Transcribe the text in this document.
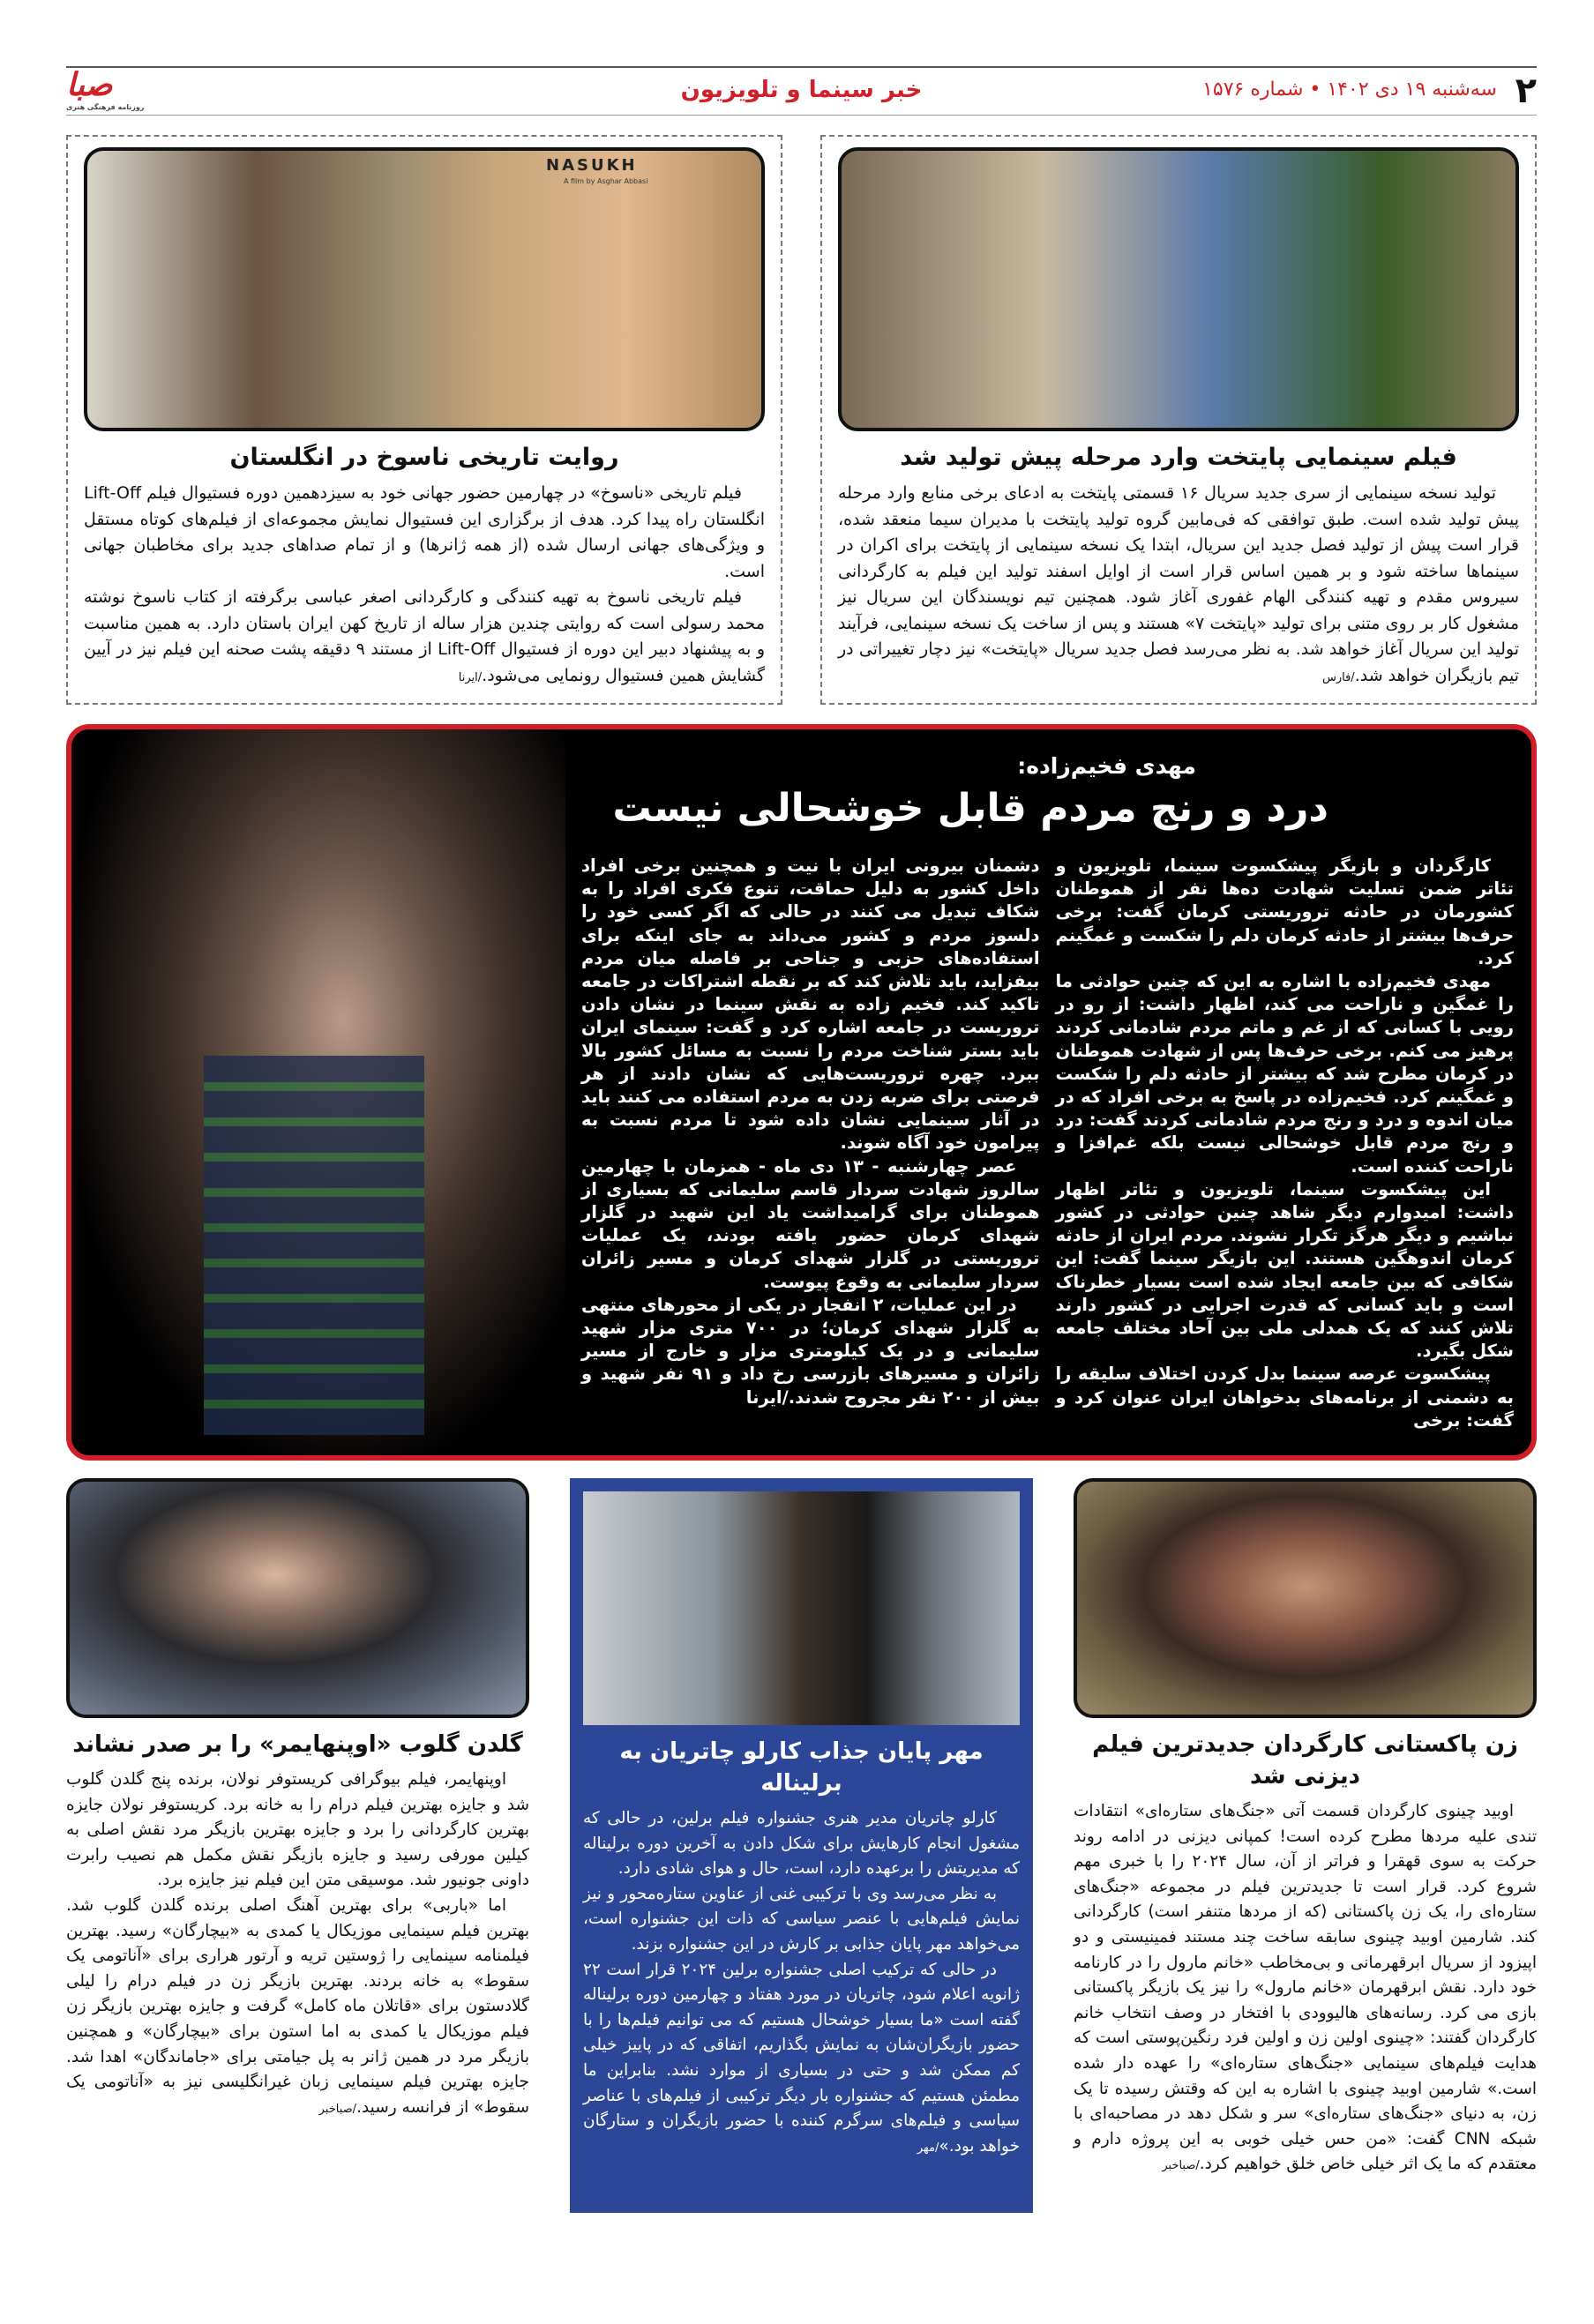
۲
سه‌شنبه ۱۹ دی ۱۴۰۲ • شماره ۱۵۷۶
خبر سینما و تلویزیون
صبا
روزنامه فرهنگی هنری
NASUKH
A film by Asghar Abbasi
روایت تاریخی ناسوخ در انگلستان

فیلم تاریخی «ناسوخ» در چهارمین حضور جهانی خود به سیزدهمین دوره فستیوال فیلم Lift-Off انگلستان راه پیدا کرد. هدف از برگزاری این فستیوال نمایش مجموعه‌ای از فیلم‌های کوتاه مستقل و ویژگی‌های جهانی ارسال شده (از همه ژانرها) و از تمام صداهای جدید برای مخاطبان جهانی است.

فیلم تاریخی ناسوخ به تهیه کنندگی و کارگردانی اصغر عباسی برگرفته از کتاب ناسوخ نوشته محمد رسولی است که روایتی چندین هزار ساله از تاریخ کهن ایران باستان دارد. به همین مناسبت و به پیشنهاد دبیر این دوره از فستیوال Lift-Off از مستند ۹ دقیقه پشت صحنه این فیلم نیز در آیین گشایش همین فستیوال رونمایی می‌شود./ایرنا

فیلم سینمایی پایتخت وارد مرحله پیش تولید شد

تولید نسخه سینمایی از سری جدید سریال ۱۶ قسمتی پایتخت به ادعای برخی منابع وارد مرحله پیش تولید شده است. طبق توافقی که فی‌مابین گروه تولید پایتخت با مدیران سیما منعقد شده، قرار است پیش از تولید فصل جدید این سریال، ابتدا یک نسخه سینمایی از پایتخت برای اکران در سینماها ساخته شود و بر همین اساس قرار است از اوایل اسفند تولید این فیلم به کارگردانی سیروس مقدم و تهیه کنندگی الهام غفوری آغاز شود. همچنین تیم نویسندگان این سریال نیز مشغول کار بر روی متنی برای تولید «پایتخت ۷» هستند و پس از ساخت یک نسخه سینمایی، فرآیند تولید این سریال آغاز خواهد شد. به نظر می‌رسد فصل جدید سریال «پایتخت» نیز دچار تغییراتی در تیم بازیگران خواهد شد./فارس

مهدی فخیم‌زاده:
درد و رنج مردم قابل خوشحالی نیست

کارگردان و بازیگر پیشکسوت سینما، تلویزیون و تئاتر ضمن تسلیت شهادت ده‌ها نفر از هموطنان کشورمان در حادثه تروریستی کرمان گفت: برخی حرف‌ها بیشتر از حادثه کرمان دلم را شکست و غمگینم کرد.

مهدی فخیم‌زاده با اشاره به این که چنین حوادثی ما را غمگین و ناراحت می کند، اظهار داشت: از رو در رویی با کسانی که از غم و ماتم مردم شادمانی کردند پرهیز می کنم. برخی حرف‌ها پس از شهادت هموطنان در کرمان مطرح شد که بیشتر از حادثه دلم را شکست و غمگینم کرد. فخیم‌زاده در پاسخ به برخی افراد که در میان اندوه و درد و رنج مردم شادمانی کردند گفت: درد و رنج مردم قابل خوشحالی نیست بلکه غم‌افزا و ناراحت کننده است.

این پیشکسوت سینما، تلویزیون و تئاتر اظهار داشت: امیدوارم دیگر شاهد چنین حوادثی در کشور نباشیم و دیگر هرگز تکرار نشوند. مردم ایران از حادثه کرمان اندوهگین هستند. این بازیگر سینما گفت: این شکافی که بین جامعه ایجاد شده است بسیار خطرناک است و باید کسانی که قدرت اجرایی در کشور دارند تلاش کنند که یک همدلی ملی بین آحاد مختلف جامعه شکل بگیرد.

پیشکسوت عرصه سینما بدل کردن اختلاف سلیقه را به دشمنی از برنامه‌های بدخواهان ایران عنوان کرد و گفت: برخی

دشمنان بیرونی ایران با نیت و همچنین برخی افراد داخل کشور به دلیل حماقت، تنوع فکری افراد را به شکاف تبدیل می کنند در حالی که اگر کسی خود را دلسوز مردم و کشور می‌داند به جای اینکه برای استفاده‌های حزبی و جناحی بر فاصله میان مردم بیفزاید، باید تلاش کند که بر نقطه اشتراکات در جامعه تاکید کند. فخیم زاده به نقش سینما در نشان دادن تروریست در جامعه اشاره کرد و گفت: سینمای ایران باید بستر شناخت مردم را نسبت به مسائل کشور بالا ببرد. چهره تروریست‌هایی که نشان دادند از هر فرصتی برای ضربه زدن به مردم استفاده می کنند باید در آثار سینمایی نشان داده شود تا مردم نسبت به پیرامون خود آگاه شوند.

عصر چهارشنبه - ۱۳ دی ماه - همزمان با چهارمین سالروز شهادت سردار قاسم سلیمانی که بسیاری از هموطنان برای گرامیداشت یاد این شهید در گلزار شهدای کرمان حضور یافته بودند، یک عملیات تروریستی در گلزار شهدای کرمان و مسیر زائران سردار سلیمانی به وقوع پیوست.

در این عملیات، ۲ انفجار در یکی از محورهای منتهی به گلزار شهدای کرمان؛ در ۷۰۰ متری مزار شهید سلیمانی و در یک کیلومتری مزار و خارج از مسیر زائران و مسیرهای بازرسی رخ داد و ۹۱ نفر شهید و بیش از ۲۰۰ نفر مجروح شدند./ایرنا

گلدن گلوب «اوپنهایمر» را بر صدر نشاند

اوپنهایمر، فیلم بیوگرافی کریستوفر نولان، برنده پنج گلدن گلوب شد و جایزه بهترین فیلم درام را به خانه برد. کریستوفر نولان جایزه بهترین کارگردانی را برد و جایزه بهترین بازیگر مرد نقش اصلی به کیلین مورفی رسید و جایزه بازیگر نقش مکمل هم نصیب رابرت داونی جونیور شد. موسیقی متن این فیلم نیز جایزه برد.

اما «باربی» برای بهترین آهنگ اصلی برنده گلدن گلوب شد. بهترین فیلم سینمایی موزیکال یا کمدی به «بیچارگان» رسید. بهترین فیلمنامه سینمایی را ژوستین تریه و آرتور هراری برای «آناتومی یک سقوط» به خانه بردند. بهترین بازیگر زن در فیلم درام را لیلی گلادستون برای «قاتلان ماه کامل» گرفت و جایزه بهترین بازیگر زن فیلم موزیکال یا کمدی به اما استون برای «بیچارگان» و همچنین بازیگر مرد در همین ژانر به پل جیامتی برای «جاماندگان» اهدا شد. جایزه بهترین فیلم سینمایی زبان غیرانگلیسی نیز به «آناتومی یک سقوط» از فرانسه رسید./صباخبر

مهر پایان جذاب کارلو چاتریان به برلیناله

کارلو چاتریان مدیر هنری جشنواره فیلم برلین، در حالی که مشغول انجام کارهایش برای شکل دادن به آخرین دوره برلیناله که مدیریتش را برعهده دارد، است، حال و هوای شادی دارد.

به نظر می‌رسد وی با ترکیبی غنی از عناوین ستاره‌محور و نیز نمایش فیلم‌هایی با عنصر سیاسی که ذات این جشنواره است، می‌خواهد مهر پایان جذابی بر کارش در این جشنواره بزند.

در حالی که ترکیب اصلی جشنواره برلین ۲۰۲۴ قرار است ۲۲ ژانویه اعلام شود، چاتریان در مورد هفتاد و چهارمین دوره برلیناله گفته است «ما بسیار خوشحال هستیم که می توانیم فیلم‌ها را با حضور بازیگران‌شان به نمایش بگذاریم، اتفاقی که در پاییز خیلی کم ممکن شد و حتی در بسیاری از موارد نشد. بنابراین ما مطمئن هستیم که جشنواره بار دیگر ترکیبی از فیلم‌های با عناصر سیاسی و فیلم‌های سرگرم کننده با حضور بازیگران و ستارگان خواهد بود.»/مهر

زن پاکستانی کارگردان جدیدترین فیلم دیزنی شد

اوبید چینوی کارگردان قسمت آتی «جنگ‌های ستاره‌ای» انتقادات تندی علیه مردها مطرح کرده است! کمپانی دیزنی در ادامه روند حرکت به سوی قهقرا و فراتر از آن، سال ۲۰۲۴ را با خبری مهم شروع کرد. قرار است تا جدیدترین فیلم در مجموعه «جنگ‌های ستاره‌ای را، یک زن پاکستانی (که از مردها متنفر است) کارگردانی کند. شارمین اوبید چینوی سابقه ساخت چند مستند فمینیستی و دو اپیزود از سریال ابرقهرمانی و بی‌مخاطب «خانم مارول را در کارنامه خود دارد. نقش ابرقهرمان «خانم مارول» را نیز یک بازیگر پاکستانی بازی می کرد. رسانه‌های هالیوودی با افتخار در وصف انتخاب خانم کارگردان گفتند: «چینوی اولین زن و اولین فرد رنگین‌پوستی است که هدایت فیلم‌های سینمایی «جنگ‌های ستاره‌ای» را عهده دار شده است.» شارمین اوبید چینوی با اشاره به این که وقتش رسیده تا یک زن، به دنیای «جنگ‌های ستاره‌ای» سر و شکل دهد در مصاحبه‌ای با شبکه CNN گفت: «من حس خیلی خوبی به این پروژه دارم و معتقدم که ما یک اثر خیلی خاص خلق خواهیم کرد./صباخبر
